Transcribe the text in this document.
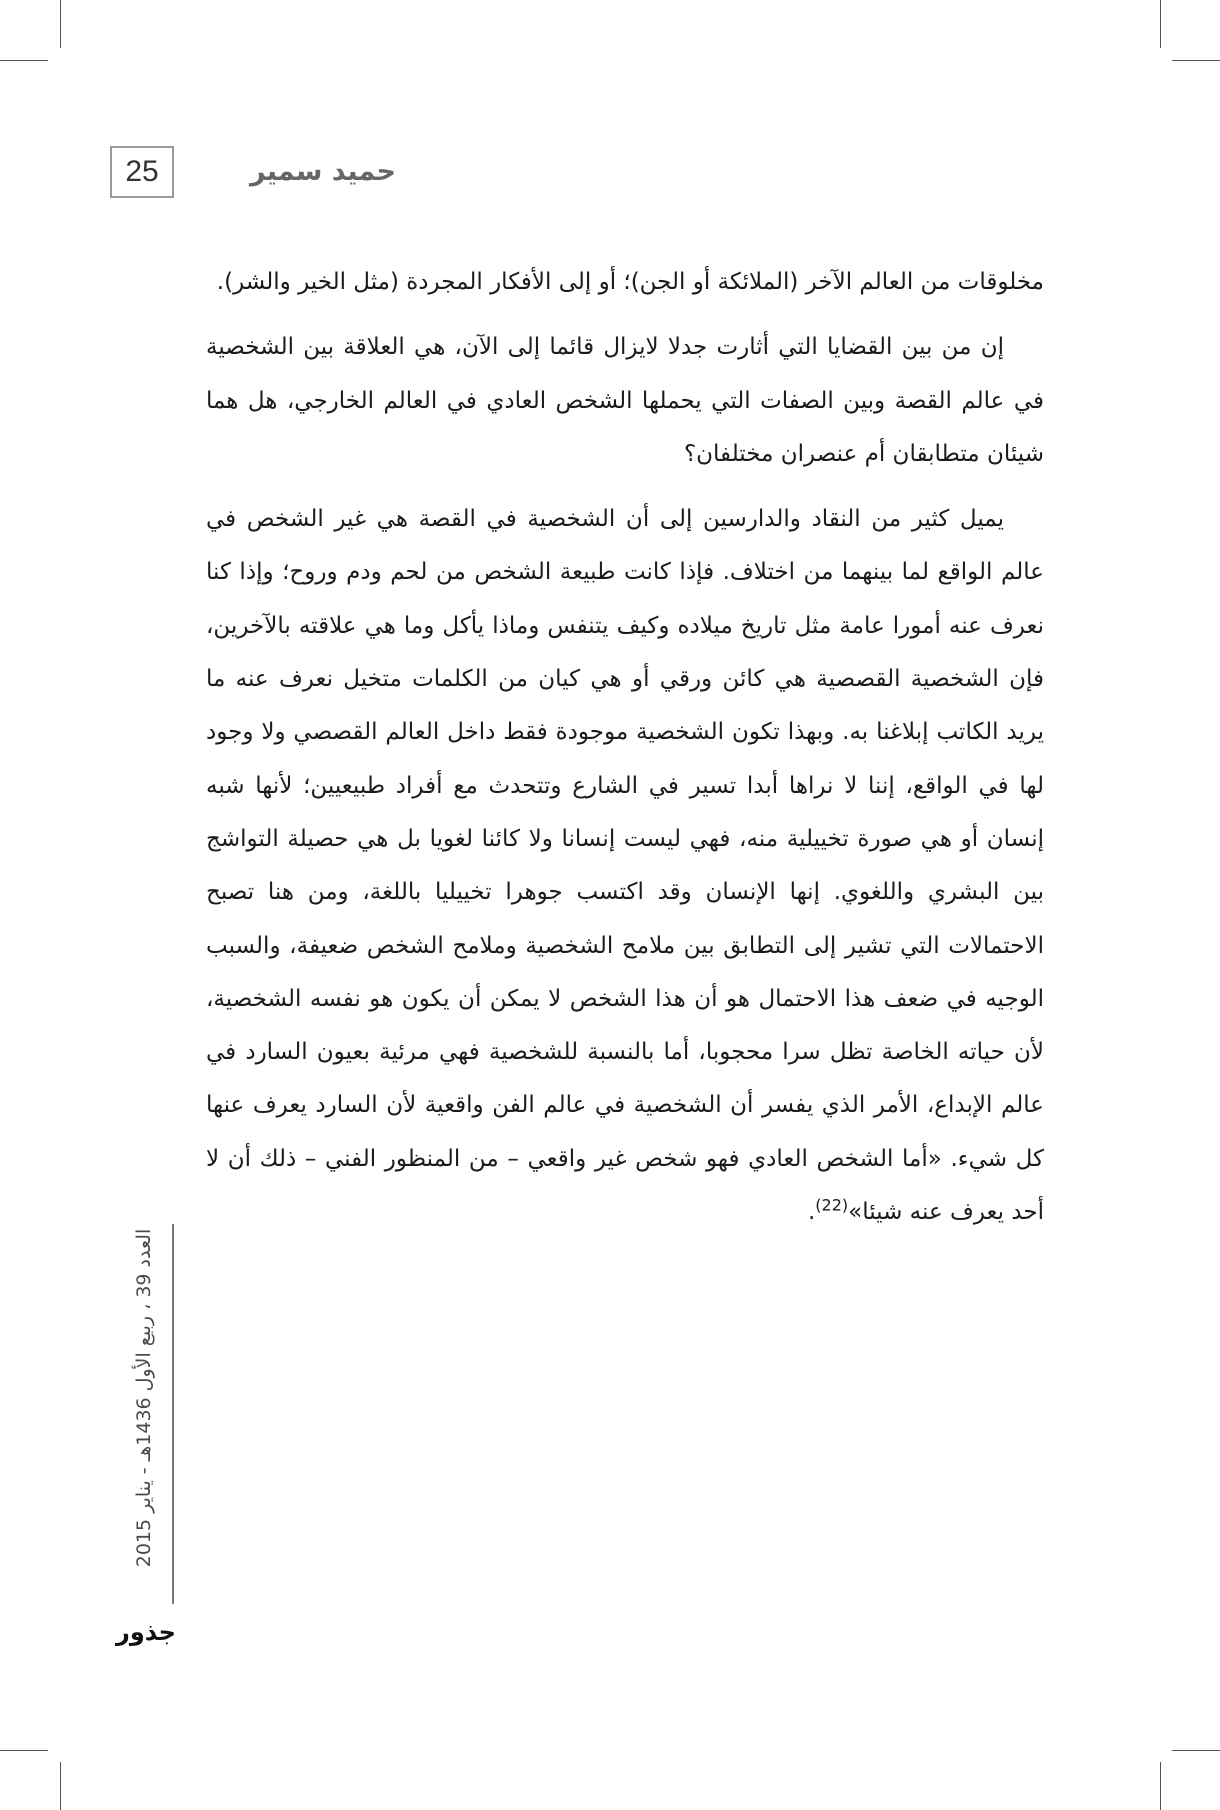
25	حميد سمير

مخلوقات من العالم الآخر (الملائكة أو الجن)؛ أو إلى الأفكار المجردة (مثل الخير والشر).

إن من بين القضايا التي أثارت جدلا لايزال قائما إلى الآن، هي العلاقة بين الشخصية في عالم القصة وبين الصفات التي يحملها الشخص العادي في العالم الخارجي، هل هما شيئان متطابقان أم عنصران مختلفان؟

يميل كثير من النقاد والدارسين إلى أن الشخصية في القصة هي غير الشخص في عالم الواقع لما بينهما من اختلاف. فإذا كانت طبيعة الشخص من لحم ودم وروح؛ وإذا كنا نعرف عنه أمورا عامة مثل تاريخ ميلاده وكيف يتنفس وماذا يأكل وما هي علاقته بالآخرين، فإن الشخصية القصصية هي كائن ورقي أو هي كيان من الكلمات متخيل نعرف عنه ما يريد الكاتب إبلاغنا به. وبهذا تكون الشخصية موجودة فقط داخل العالم القصصي ولا وجود لها في الواقع، إننا لا نراها أبدا تسير في الشارع وتتحدث مع أفراد طبيعيين؛ لأنها شبه إنسان أو هي صورة تخييلية منه، فهي ليست إنسانا ولا كائنا لغويا بل هي حصيلة التواشج بين البشري واللغوي. إنها الإنسان وقد اكتسب جوهرا تخييليا باللغة، ومن هنا تصبح الاحتمالات التي تشير إلى التطابق بين ملامح الشخصية وملامح الشخص ضعيفة، والسبب الوجيه في ضعف هذا الاحتمال هو أن هذا الشخص لا يمكن أن يكون هو نفسه الشخصية، لأن حياته الخاصة تظل سرا محجوبا، أما بالنسبة للشخصية فهي مرئية بعيون السارد في عالم الإبداع، الأمر الذي يفسر أن الشخصية في عالم الفن واقعية لأن السارد يعرف عنها كل شيء. «أما الشخص العادي فهو شخص غير واقعي – من المنظور الفني – ذلك أن لا أحد يعرف عنه شيئا»$^{(22)}$.

العدد 39 ، ربيع الأول 1436هـ - يناير 2015
جذور
